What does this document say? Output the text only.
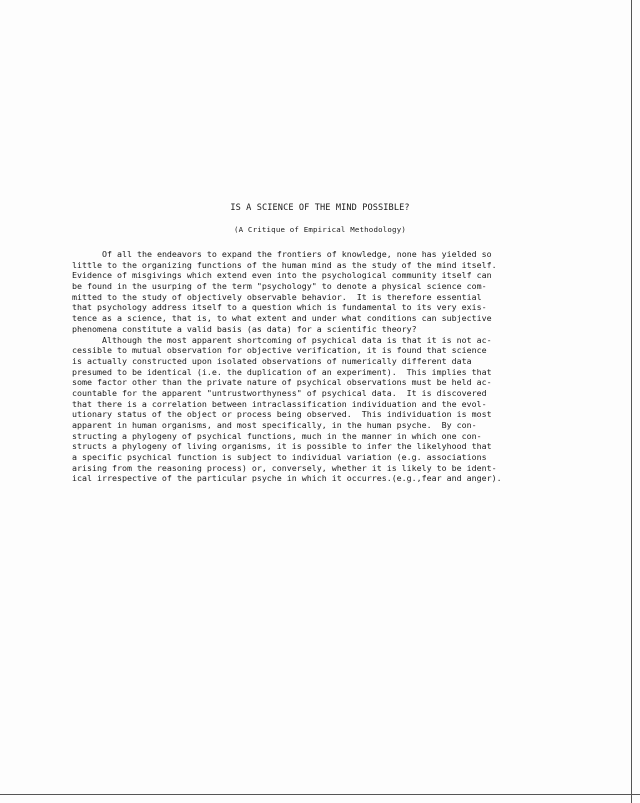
IS A SCIENCE OF THE MIND POSSIBLE?
(A Critique of Empirical Methodology)
Of all the endeavors to expand the frontiers of knowledge, none has yielded so
little to the organizing functions of the human mind as the study of the mind itself.
Evidence of misgivings which extend even into the psychological community itself can
be found in the usurping of the term "psychology" to denote a physical science com-
mitted to the study of objectively observable behavior.  It is therefore essential
that psychology address itself to a question which is fundamental to its very exis-
tence as a science, that is, to what extent and under what conditions can subjective
phenomena constitute a valid basis (as data) for a scientific theory?
Although the most apparent shortcoming of psychical data is that it is not ac-
cessible to mutual observation for objective verification, it is found that science
is actually constructed upon isolated observations of numerically different data
presumed to be identical (i.e. the duplication of an experiment).  This implies that
some factor other than the private nature of psychical observations must be held ac-
countable for the apparent "untrustworthyness" of psychical data.  It is discovered
that there is a correlation between intraclassification individuation and the evol-
utionary status of the object or process being observed.  This individuation is most
apparent in human organisms, and most specifically, in the human psyche.  By con-
structing a phylogeny of psychical functions, much in the manner in which one con-
structs a phylogeny of living organisms, it is possible to infer the likelyhood that
a specific psychical function is subject to individual variation (e.g. associations
arising from the reasoning process) or, conversely, whether it is likely to be ident-
ical irrespective of the particular psyche in which it occurres.(e.g.,fear and anger).
